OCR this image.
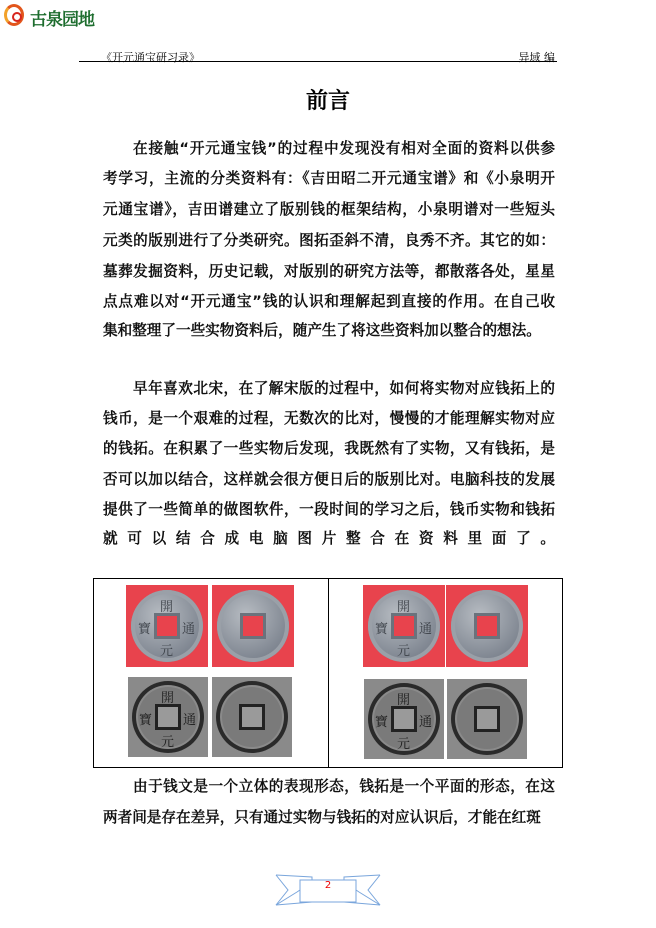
古泉园地
《开元通宝研习录》	异域 编
前言
在接触“开元通宝钱”的过程中发现没有相对全面的资料以供参
考学习，主流的分类资料有：《吉田昭二开元通宝谱》和《小泉明开
元通宝谱》，吉田谱建立了版别钱的框架结构，小泉明谱对一些短头
元类的版别进行了分类研究。图拓歪斜不清，良秀不齐。其它的如：
墓葬发掘资料，历史记载，对版别的研究方法等，都散落各处，星星
点点难以对“开元通宝”钱的认识和理解起到直接的作用。在自己收
集和整理了一些实物资料后，随产生了将这些资料加以整合的想法。
早年喜欢北宋，在了解宋版的过程中，如何将实物对应钱拓上的
钱币，是一个艰难的过程，无数次的比对，慢慢的才能理解实物对应
的钱拓。在积累了一些实物后发现，我既然有了实物，又有钱拓，是
否可以加以结合，这样就会很方便日后的版别比对。电脑科技的发展
提供了一些简单的做图软件，一段时间的学习之后，钱币实物和钱拓
就可以结合成电脑图片整合在资料里面了。
由于钱文是一个立体的表现形态，钱拓是一个平面的形态，在这
两者间是存在差异，只有通过实物与钱拓的对应认识后，才能在红斑
2
開
元
通
寶
開
元
通
寶
開
元
通
寶
開
元
通
寶
